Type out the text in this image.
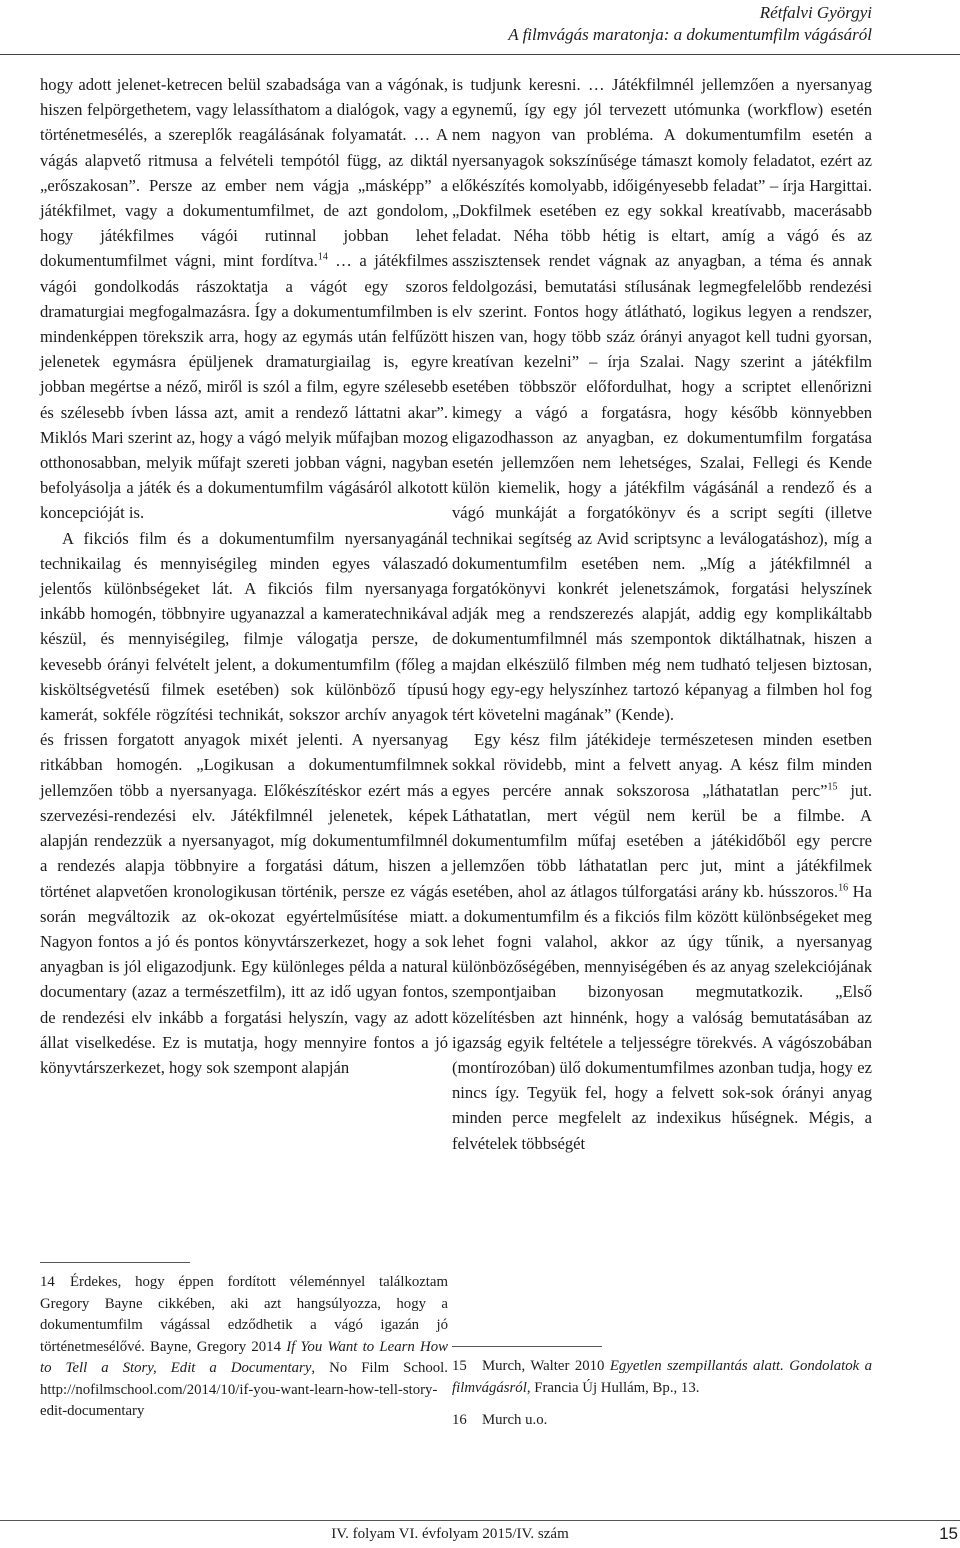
Rétfalvi Györgyi
A filmvágás maratonja: a dokumentumfilm vágásáról

hogy adott jelenet-ketrecen belül szabadsága van a vágónak, hiszen felpörgethetem, vagy lelassíthatom a dialógok, vagy a történetmesélés, a szereplők reagálásának folyamatát. … A vágás alapvető ritmusa a felvételi tempótól függ, az diktál „erőszakosan”. Persze az ember nem vágja „másképp” a játékfilmet, vagy a dokumentumfilmet, de azt gondolom, hogy játékfilmes vágói rutinnal jobban lehet dokumentumfilmet vágni, mint fordítva.$^{14}$ … a játékfilmes vágói gondolkodás rászoktatja a vágót egy szoros dramaturgiai megfogalmazásra. Így a dokumentumfilmben is mindenképpen törekszik arra, hogy az egymás után felfűzött jelenetek egymásra épüljenek dramaturgiailag is, egyre jobban megértse a néző, miről is szól a film, egyre szélesebb és szélesebb ívben lássa azt, amit a rendező láttatni akar”. Miklós Mari szerint az, hogy a vágó melyik műfajban mozog otthonosabban, melyik műfajt szereti jobban vágni, nagyban befolyásolja a játék és a dokumentumfilm vágásáról alkotott koncepcióját is.

A fikciós film és a dokumentumfilm nyersanyagánál technikailag és mennyiségileg minden egyes válaszadó jelentős különbségeket lát. A fikciós film nyersanyaga inkább homogén, többnyire ugyanazzal a kameratechnikával készül, és mennyiségileg, filmje válogatja persze, de kevesebb órányi felvételt jelent, a dokumentumfilm (főleg a kisköltségvetésű filmek esetében) sok különböző típusú kamerát, sokféle rögzítési technikát, sokszor archív anyagok és frissen forgatott anyagok mixét jelenti. A nyersanyag ritkábban homogén. „Logikusan a dokumentumfilmnek jellemzően több a nyersanyaga. Előkészítéskor ezért más a szervezési-rendezési elv. Játékfilmnél jelenetek, képek alapján rendezzük a nyersanyagot, míg dokumentumfilmnél a rendezés alapja többnyire a forgatási dátum, hiszen a történet alapvetően kronologikusan történik, persze ez vágás során megváltozik az ok-okozat egyértelműsítése miatt. Nagyon fontos a jó és pontos könyvtárszerkezet, hogy a sok anyagban is jól eligazodjunk. Egy különleges példa a natural documentary (azaz a természetfilm), itt az idő ugyan fontos, de rendezési elv inkább a forgatási helyszín, vagy az adott állat viselkedése. Ez is mutatja, hogy mennyire fontos a jó könyvtárszerkezet, hogy sok szempont alapján

14 Érdekes, hogy éppen fordított véleménnyel találkoztam Gregory Bayne cikkében, aki azt hangsúlyozza, hogy a dokumentumfilm vágással edződhetik a vágó igazán jó történetmesélővé. Bayne, Gregory 2014 If You Want to Learn How to Tell a Story, Edit a Documentary, No Film School. http://nofilmschool.com/2014/10/if-you-want-learn-how-tell-story-edit-documentary

is tudjunk keresni. … Játékfilmnél jellemzően a nyersanyag egynemű, így egy jól tervezett utómunka (workflow) esetén nem nagyon van probléma. A dokumentumfilm esetén a nyersanyagok sokszínűsége támaszt komoly feladatot, ezért az előkészítés komolyabb, időigényesebb feladat” – írja Hargittai. „Dokfilmek esetében ez egy sokkal kreatívabb, macerásabb feladat. Néha több hétig is eltart, amíg a vágó és az asszisztensek rendet vágnak az anyagban, a téma és annak feldolgozási, bemutatási stílusának legmegfelelőbb rendezési elv szerint. Fontos hogy átlátható, logikus legyen a rendszer, hiszen van, hogy több száz órányi anyagot kell tudni gyorsan, kreatívan kezelni” – írja Szalai. Nagy szerint a játékfilm esetében többször előfordulhat, hogy a scriptet ellenőrizni kimegy a vágó a forgatásra, hogy később könnyebben eligazodhasson az anyagban, ez dokumentumfilm forgatása esetén jellemzően nem lehetséges, Szalai, Fellegi és Kende külön kiemelik, hogy a játékfilm vágásánál a rendező és a vágó munkáját a forgatókönyv és a script segíti (illetve technikai segítség az Avid scriptsync a leválogatáshoz), míg a dokumentumfilm esetében nem. „Míg a játékfilmnél a forgatókönyvi konkrét jelenetszámok, forgatási helyszínek adják meg a rendszerezés alapját, addig egy komplikáltabb dokumentumfilmnél más szempontok diktálhatnak, hiszen a majdan elkészülő filmben még nem tudható teljesen biztosan, hogy egy-egy helyszínhez tartozó képanyag a filmben hol fog tért követelni magának” (Kende).

Egy kész film játékideje természetesen minden esetben sokkal rövidebb, mint a felvett anyag. A kész film minden egyes percére annak sokszorosa „láthatatlan perc”$^{15}$ jut. Láthatatlan, mert végül nem kerül be a filmbe. A dokumentumfilm műfaj esetében a játékidőből egy percre jellemzően több láthatatlan perc jut, mint a játékfilmek esetében, ahol az átlagos túlforgatási arány kb. hússzoros.$^{16}$ Ha a dokumentumfilm és a fikciós film között különbségeket meg lehet fogni valahol, akkor az úgy tűnik, a nyersanyag különbözőségében, mennyiségében és az anyag szelekciójának szempontjaiban bizonyosan megmutatkozik. „Első közelítésben azt hinnénk, hogy a valóság bemutatásában az igazság egyik feltétele a teljességre törekvés. A vágószobában (montírozóban) ülő dokumentumfilmes azonban tudja, hogy ez nincs így. Tegyük fel, hogy a felvett sok-sok órányi anyag minden perce megfelelt az indexikus hűségnek. Mégis, a felvételek többségét

15 Murch, Walter 2010 Egyetlen szempillantás alatt. Gondolatok a filmvágásról, Francia Új Hullám, Bp., 13.
16 Murch u.o.
IV. folyam VI. évfolyam 2015/IV. szám	15
